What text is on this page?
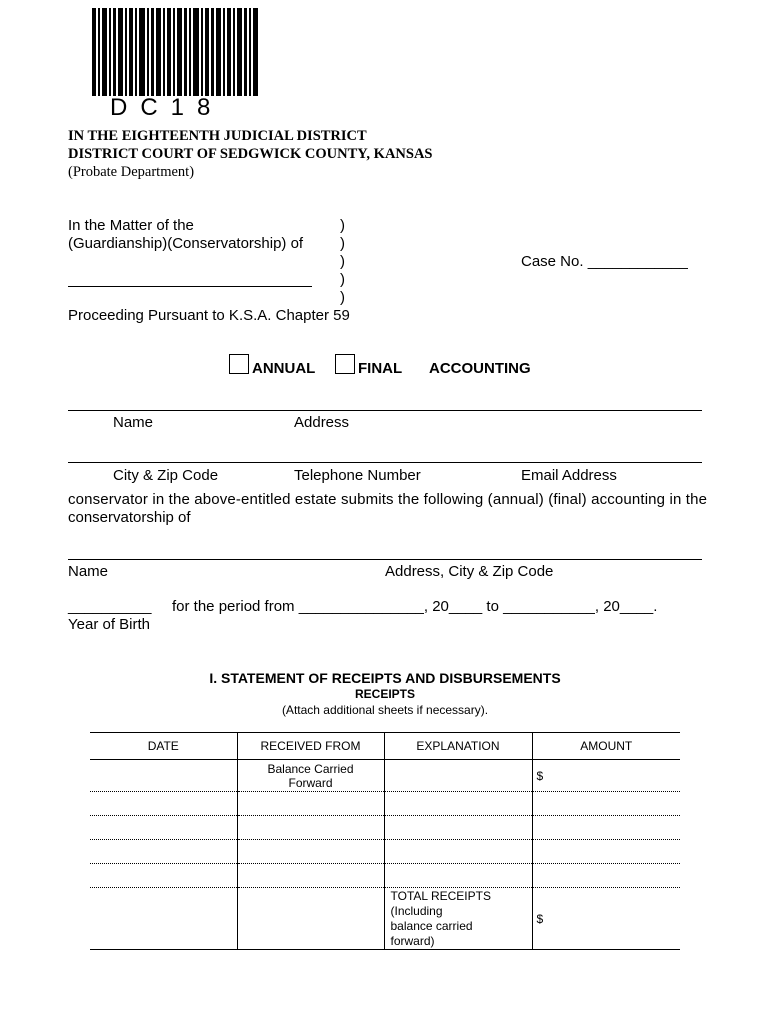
DC18
IN THE EIGHTEENTH JUDICIAL DISTRICT
DISTRICT COURT OF SEDGWICK COUNTY, KANSAS
(Probate Department)
In the Matter of the
(Guardianship)(Conservatorship) of
)
)
)
)
)
Case No. ____________
Proceeding Pursuant to K.S.A. Chapter 59
ANNUAL	FINAL ACCOUNTING
Name	Address
City & Zip Code	Telephone Number	Email Address
conservator in the above-entitled estate submits the following (annual) (final) accounting in the
conservatorship of
Name	Address, City & Zip Code
__________ for the period from _______________, 20____ to ___________, 20____.
Year of Birth
I. STATEMENT OF RECEIPTS AND DISBURSEMENTS
RECEIPTS
(Attach additional sheets if necessary).
DATE	RECEIVED FROM	EXPLANATION	AMOUNT

	Balance Carried
Forward		$

		TOTAL RECEIPTS
(Including
balance carried
forward)	$
